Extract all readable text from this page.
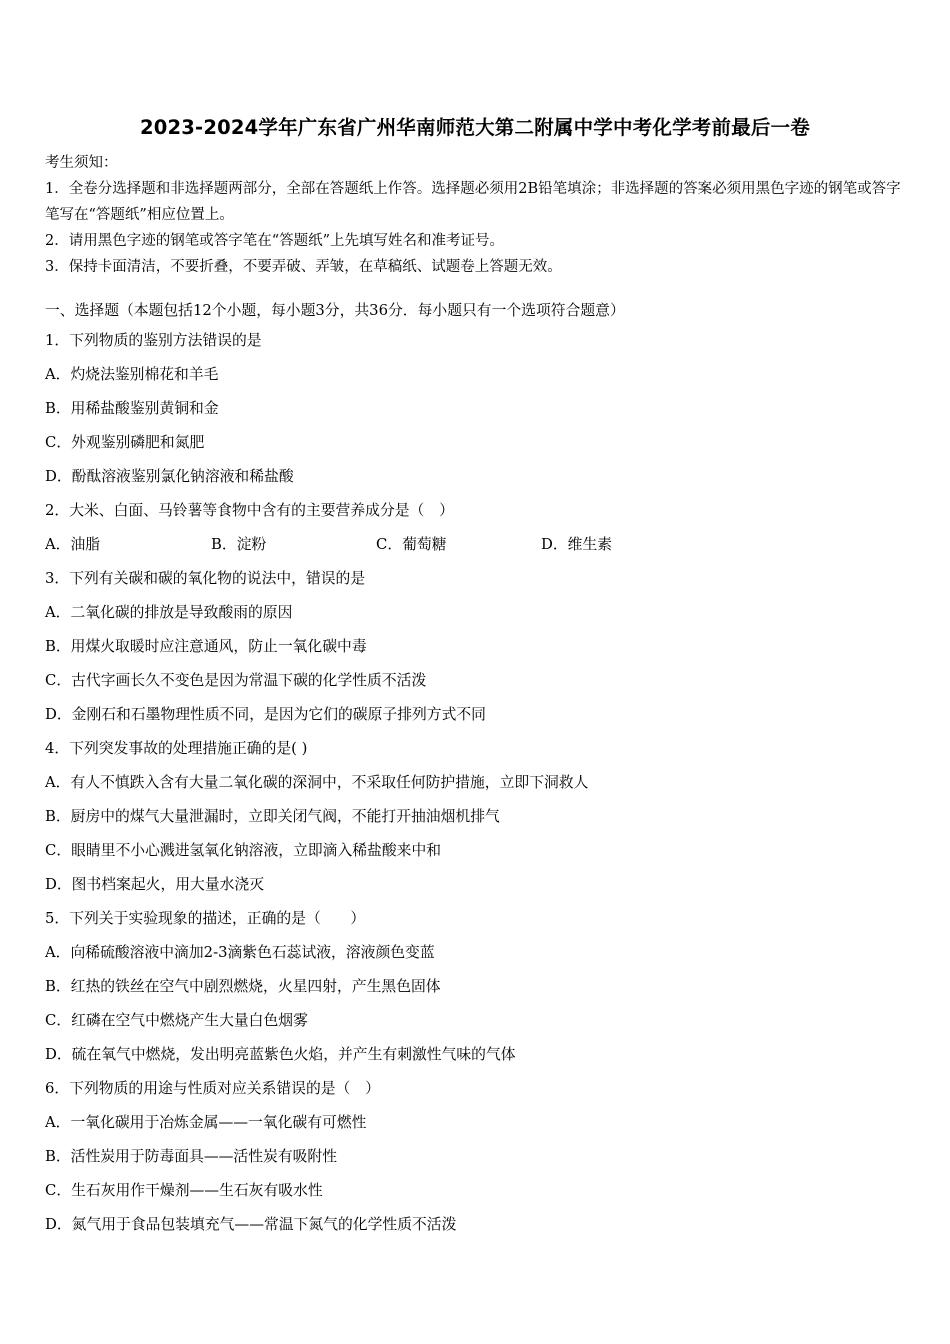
2023-2024学年广东省广州华南师范大第二附属中学中考化学考前最后一卷
考生须知：
1．全卷分选择题和非选择题两部分，全部在答题纸上作答。选择题必须用2B铅笔填涂；非选择题的答案必须用黑色字迹的钢笔或答字笔写在“答题纸”相应位置上。
2．请用黑色字迹的钢笔或答字笔在“答题纸”上先填写姓名和准考证号。
3．保持卡面清洁，不要折叠，不要弄破、弄皱，在草稿纸、试题卷上答题无效。
一、选择题（本题包括12个小题，每小题3分，共36分．每小题只有一个选项符合题意）
1．下列物质的鉴别方法错误的是
A．灼烧法鉴别棉花和羊毛
B．用稀盐酸鉴别黄铜和金
C．外观鉴别磷肥和氮肥
D．酚酞溶液鉴别氯化钠溶液和稀盐酸
2．大米、白面、马铃薯等食物中含有的主要营养成分是（　）
A．油脂	B．淀粉	C．葡萄糖	D．维生素
3．下列有关碳和碳的氧化物的说法中，错误的是
A．二氧化碳的排放是导致酸雨的原因
B．用煤火取暖时应注意通风，防止一氧化碳中毒
C．古代字画长久不变色是因为常温下碳的化学性质不活泼
D．金刚石和石墨物理性质不同，是因为它们的碳原子排列方式不同
4．下列突发事故的处理措施正确的是( )
A．有人不慎跌入含有大量二氧化碳的深洞中，不采取任何防护措施，立即下洞救人
B．厨房中的煤气大量泄漏时，立即关闭气阀，不能打开抽油烟机排气
C．眼睛里不小心溅进氢氧化钠溶液，立即滴入稀盐酸来中和
D．图书档案起火，用大量水浇灭
5．下列关于实验现象的描述，正确的是（　　）
A．向稀硫酸溶液中滴加2-3滴紫色石蕊试液，溶液颜色变蓝
B．红热的铁丝在空气中剧烈燃烧，火星四射，产生黑色固体
C．红磷在空气中燃烧产生大量白色烟雾
D．硫在氧气中燃烧，发出明亮蓝紫色火焰，并产生有刺激性气味的气体
6．下列物质的用途与性质对应关系错误的是（　）
A．一氧化碳用于冶炼金属——一氧化碳有可燃性
B．活性炭用于防毒面具——活性炭有吸附性
C．生石灰用作干燥剂——生石灰有吸水性
D．氮气用于食品包装填充气——常温下氮气的化学性质不活泼
